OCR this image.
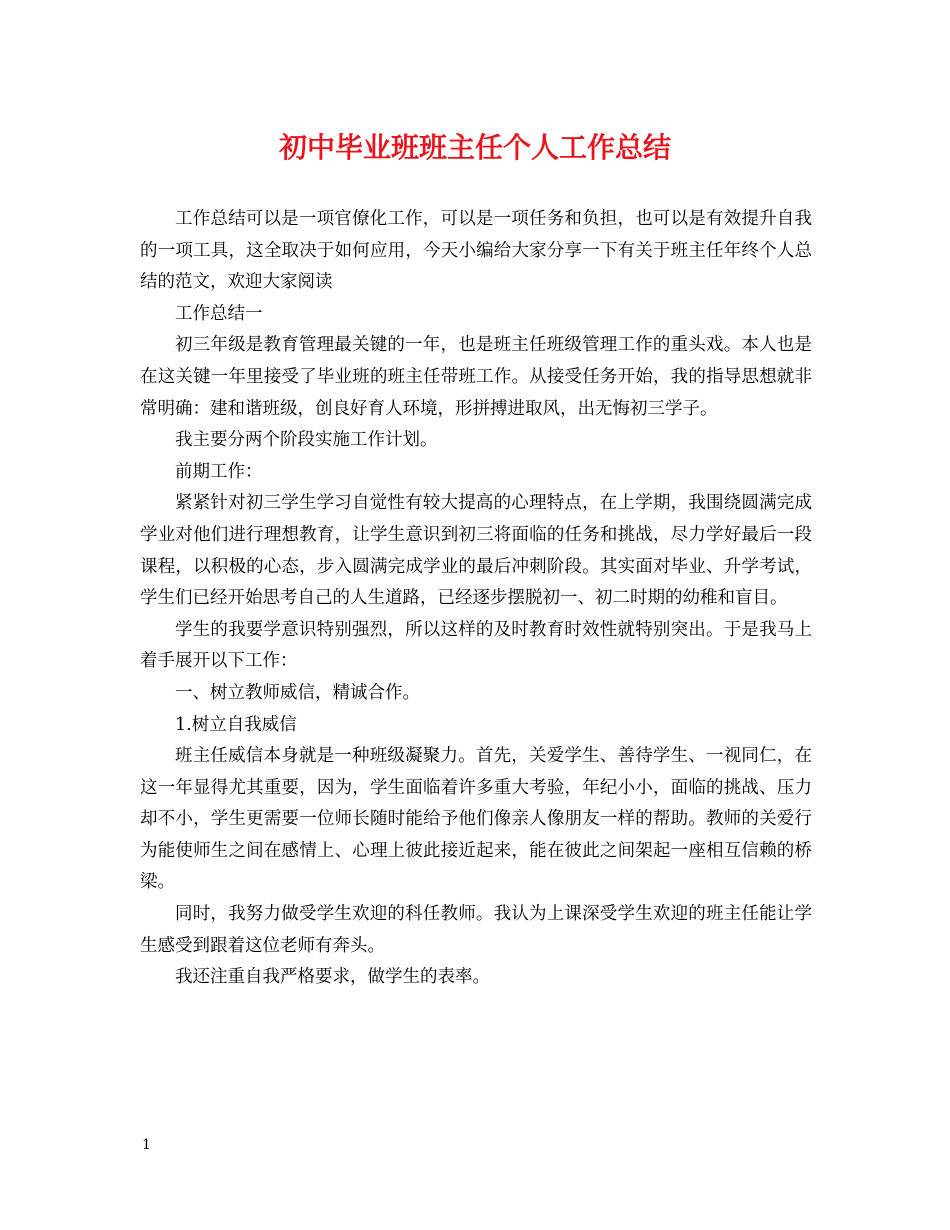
初中毕业班班主任个人工作总结

工作总结可以是一项官僚化工作，可以是一项任务和负担，也可以是有效提升自我的一项工具，这全取决于如何应用，今天小编给大家分享一下有关于班主任年终个人总结的范文，欢迎大家阅读

工作总结一

初三年级是教育管理最关键的一年，也是班主任班级管理工作的重头戏。本人也是在这关键一年里接受了毕业班的班主任带班工作。从接受任务开始，我的指导思想就非常明确：建和谐班级，创良好育人环境，形拼搏进取风，出无悔初三学子。

我主要分两个阶段实施工作计划。

前期工作：

紧紧针对初三学生学习自觉性有较大提高的心理特点，在上学期，我围绕圆满完成学业对他们进行理想教育，让学生意识到初三将面临的任务和挑战，尽力学好最后一段课程，以积极的心态，步入圆满完成学业的最后冲刺阶段。其实面对毕业、升学考试，学生们已经开始思考自己的人生道路，已经逐步摆脱初一、初二时期的幼稚和盲目。

学生的我要学意识特别强烈，所以这样的及时教育时效性就特别突出。于是我马上着手展开以下工作：

一、树立教师威信，精诚合作。

1.树立自我威信

班主任威信本身就是一种班级凝聚力。首先，关爱学生、善待学生、一视同仁，在这一年显得尤其重要，因为，学生面临着许多重大考验，年纪小小，面临的挑战、压力却不小，学生更需要一位师长随时能给予他们像亲人像朋友一样的帮助。教师的关爱行为能使师生之间在感情上、心理上彼此接近起来，能在彼此之间架起一座相互信赖的桥梁。

同时，我努力做受学生欢迎的科任教师。我认为上课深受学生欢迎的班主任能让学生感受到跟着这位老师有奔头。

我还注重自我严格要求，做学生的表率。

1
